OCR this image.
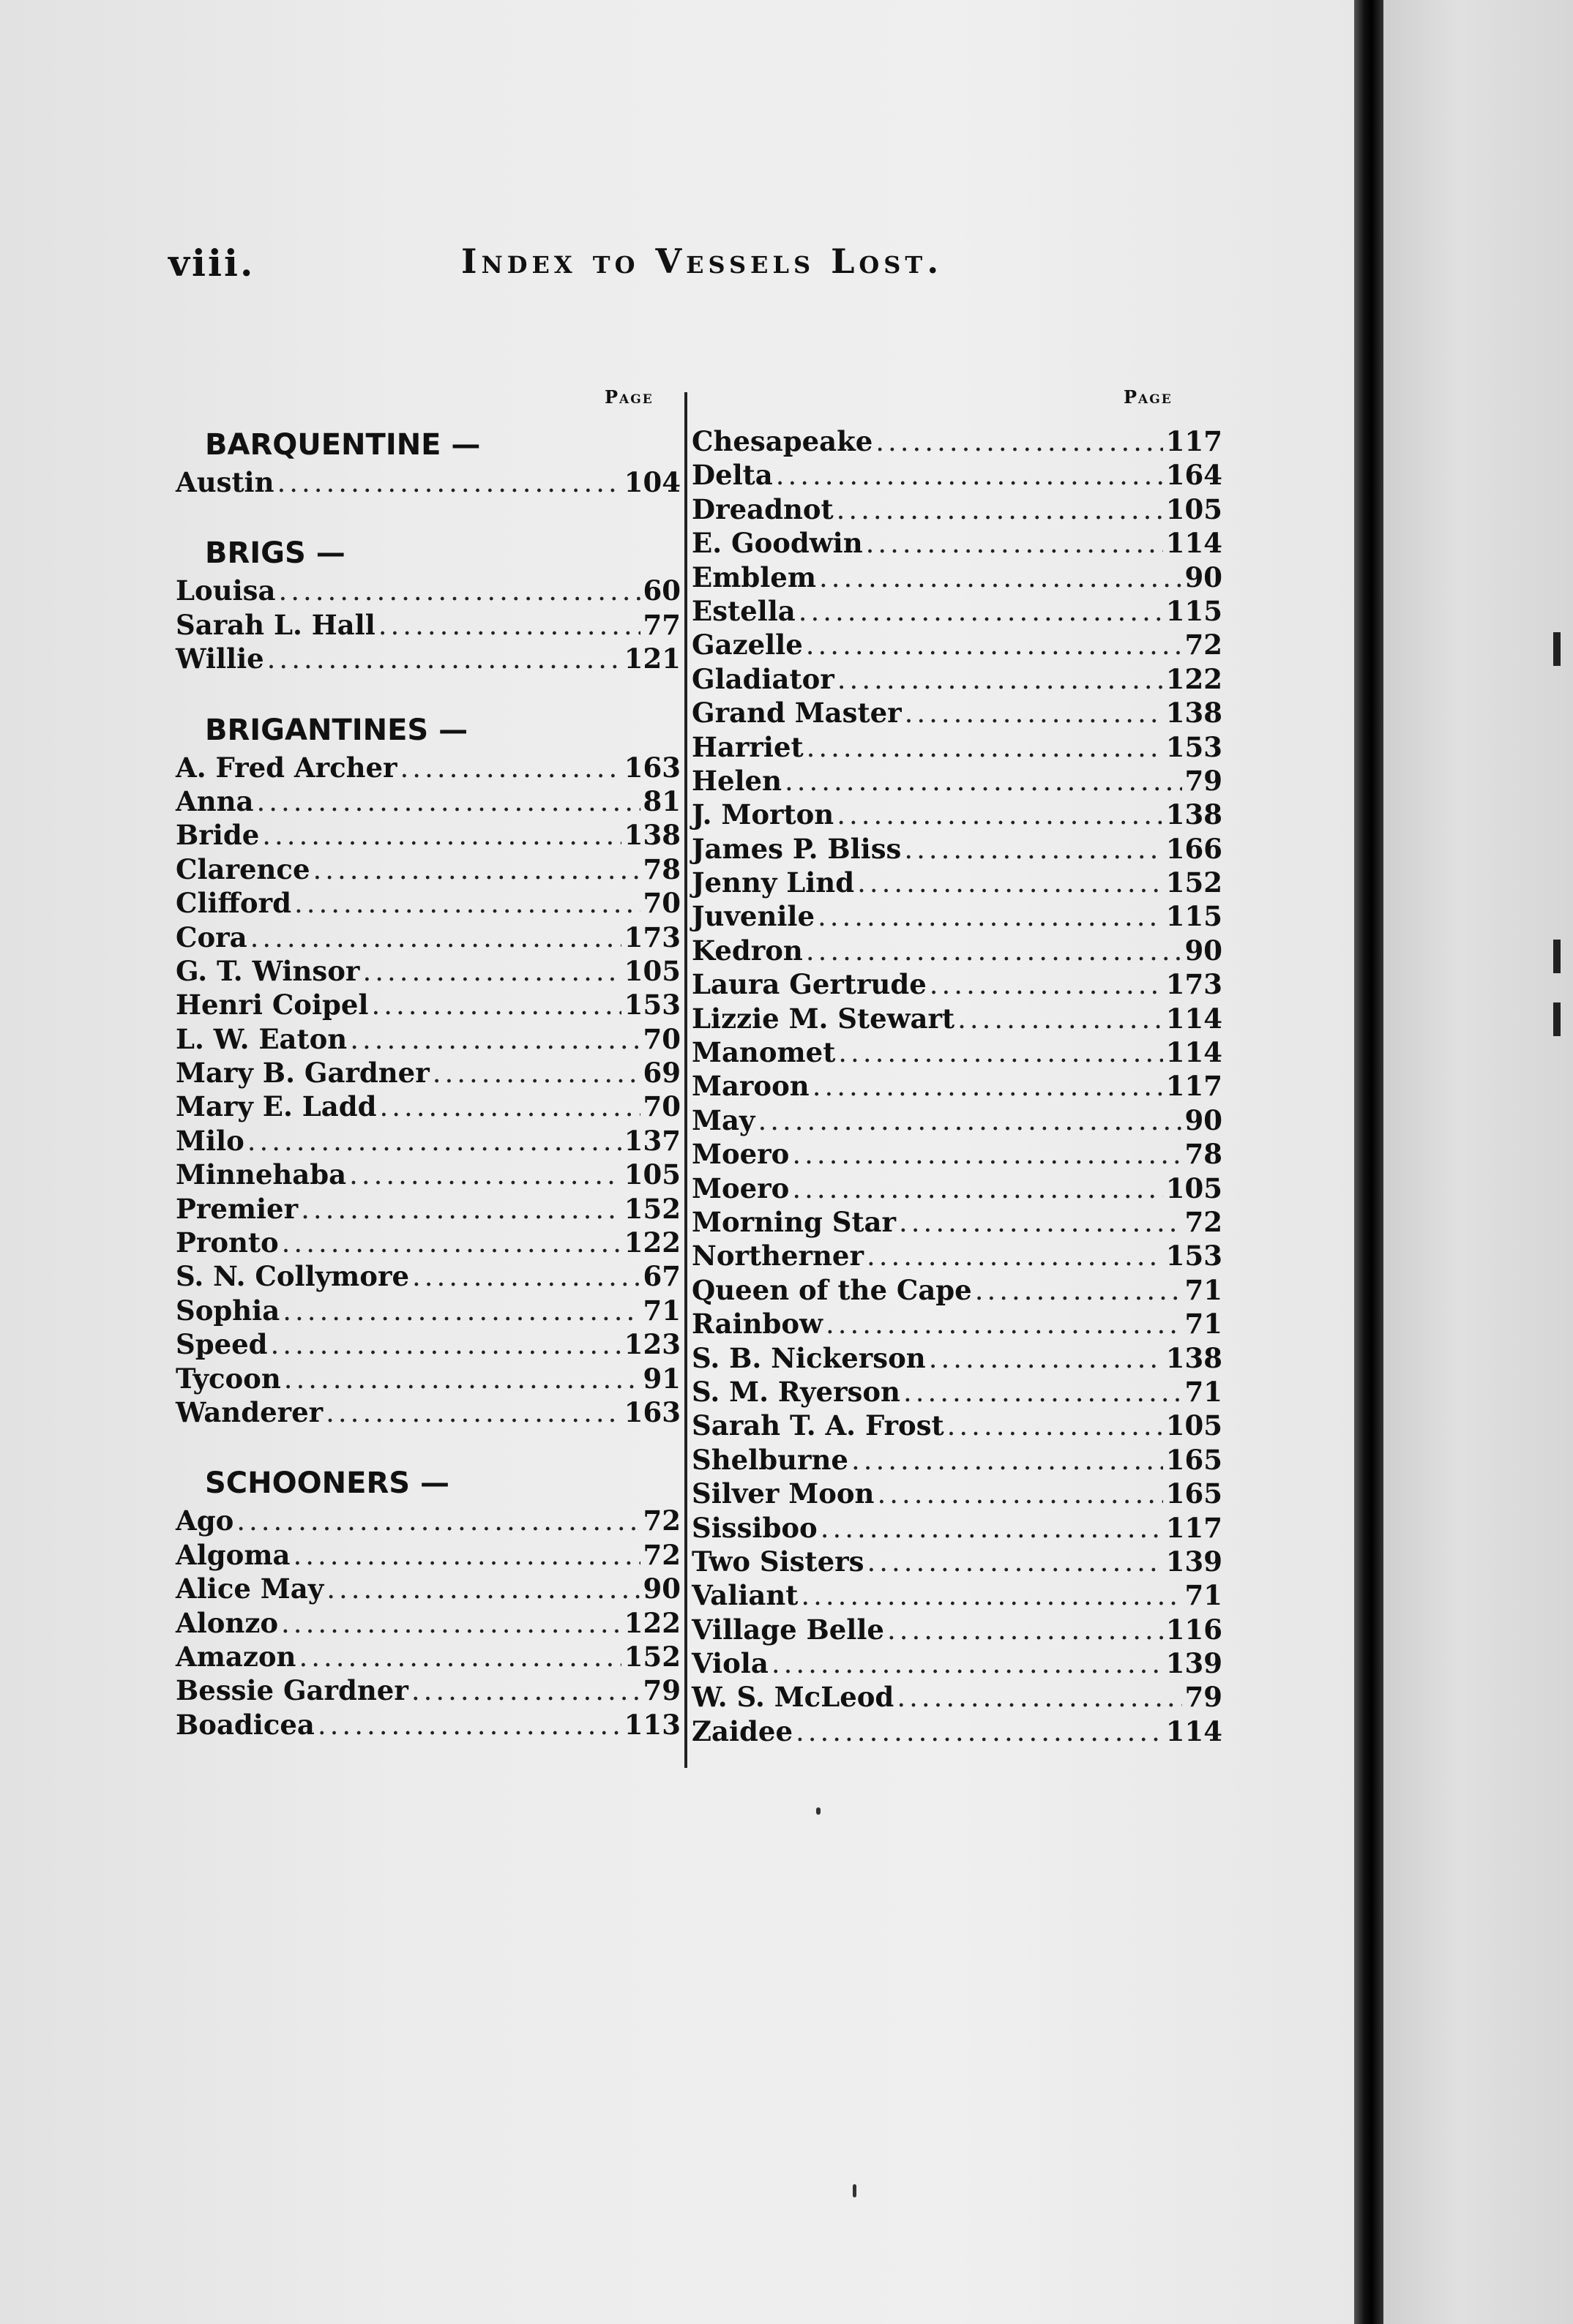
viii.	Index to Vessels Lost.
Page	Page
BARQUENTINE —
Austin .....	104
BRIGS —
Louisa .....	60
Sarah L. Hall .....	77
Willie .....	121
BRIGANTINES —
A. Fred Archer .....	163
Anna .....	81
Bride .....	138
Clarence .....	78
Clifford .....	70
Cora .....	173
G. T. Winsor .....	105
Henri Coipel .....	153
L. W. Eaton .....	70
Mary B. Gardner .....	69
Mary E. Ladd .....	70
Milo .....	137
Minnehaba .....	105
Premier .....	152
Pronto .....	122
S. N. Collymore .....	67
Sophia .....	71
Speed .....	123
Tycoon .....	91
Wanderer .....	163
SCHOONERS —
Ago .....	72
Algoma .....	72
Alice May .....	90
Alonzo .....	122
Amazon .....	152
Bessie Gardner .....	79
Boadicea .....	113
Chesapeake .....	117
Delta .....	164
Dreadnot .....	105
E. Goodwin .....	114
Emblem .....	90
Estella .....	115
Gazelle .....	72
Gladiator .....	122
Grand Master .....	138
Harriet .....	153
Helen .....	79
J. Morton .....	138
James P. Bliss .....	166
Jenny Lind .....	152
Juvenile .....	115
Kedron .....	90
Laura Gertrude .....	173
Lizzie M. Stewart .....	114
Manomet .....	114
Maroon .....	117
May .....	90
Moero .....	78
Moero .....	105
Morning Star .....	72
Northerner .....	153
Queen of the Cape .....	71
Rainbow .....	71
S. B. Nickerson .....	138
S. M. Ryerson .....	71
Sarah T. A. Frost .....	105
Shelburne .....	165
Silver Moon .....	165
Sissiboo .....	117
Two Sisters .....	139
Valiant .....	71
Village Belle .....	116
Viola .....	139
W. S. McLeod .....	79
Zaidee .....	114
